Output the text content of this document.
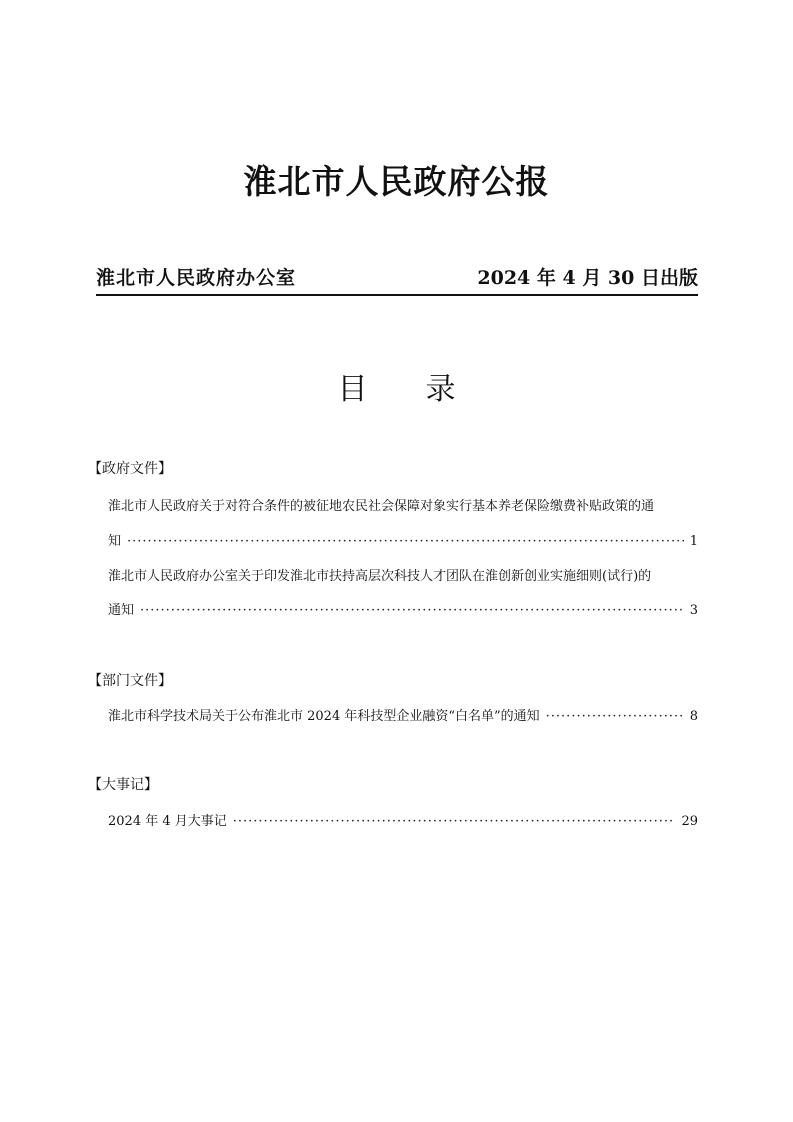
淮北市人民政府公报
淮北市人民政府办公室	2024 年 4 月 30 日出版
目录
【政府文件】
淮北市人民政府关于对符合条件的被征地农民社会保障对象实行基本养老保险缴费补贴政策的通
知 ·····	1
淮北市人民政府办公室关于印发淮北市扶持高层次科技人才团队在淮创新创业实施细则(试行)的
通知 ·····	3
【部门文件】
淮北市科学技术局关于公布淮北市 2024 年科技型企业融资“白名单”的通知 ·····	8
【大事记】
2024 年 4 月大事记 ·····	29
